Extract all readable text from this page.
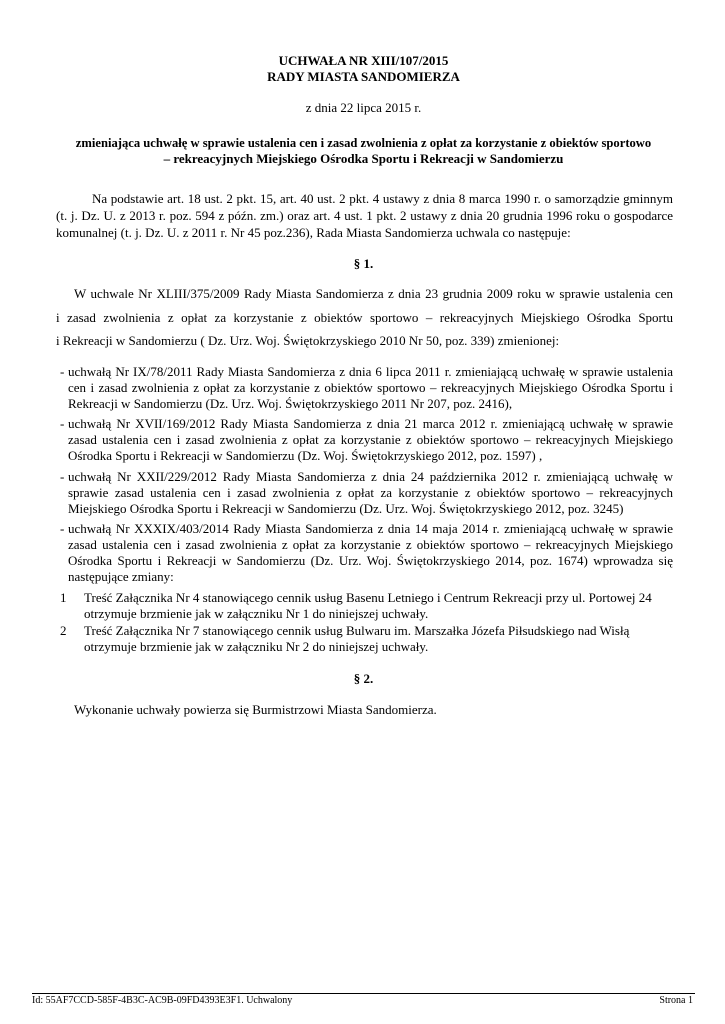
UCHWAŁA NR XIII/107/2015
RADY MIASTA SANDOMIERZA
z dnia 22 lipca 2015 r.
zmieniająca uchwałę w sprawie ustalenia cen i zasad zwolnienia z opłat za korzystanie z obiektów sportowo
– rekreacyjnych Miejskiego Ośrodka Sportu i Rekreacji w Sandomierzu
Na podstawie art. 18 ust. 2 pkt. 15, art. 40 ust. 2 pkt. 4 ustawy z dnia 8 marca 1990 r. o samorządzie gminnym (t. j. Dz. U. z 2013 r. poz. 594 z późn. zm.) oraz art. 4 ust. 1 pkt. 2 ustawy z dnia 20 grudnia 1996 roku o gospodarce komunalnej (t. j. Dz. U. z 2011 r. Nr 45 poz.236), Rada Miasta Sandomierza uchwala co następuje:
§ 1.
W uchwale Nr XLIII/375/2009 Rady Miasta Sandomierza z dnia 23 grudnia 2009 roku w sprawie ustalenia cen
i zasad zwolnienia z opłat za korzystanie z obiektów sportowo – rekreacyjnych Miejskiego Ośrodka Sportu
i Rekreacji w Sandomierzu ( Dz. Urz. Woj. Świętokrzyskiego 2010 Nr 50, poz. 339) zmienionej:
- uchwałą Nr IX/78/2011 Rady Miasta Sandomierza z dnia 6 lipca 2011 r. zmieniającą uchwałę w sprawie ustalenia cen i zasad zwolnienia z opłat za korzystanie z obiektów sportowo – rekreacyjnych Miejskiego Ośrodka Sportu i Rekreacji w Sandomierzu (Dz. Urz. Woj. Świętokrzyskiego 2011 Nr 207, poz. 2416),
- uchwałą Nr XVII/169/2012 Rady Miasta Sandomierza z dnia 21 marca 2012 r. zmieniającą uchwałę w sprawie zasad ustalenia cen i zasad zwolnienia z opłat za korzystanie z obiektów sportowo – rekreacyjnych Miejskiego Ośrodka Sportu i Rekreacji w Sandomierzu (Dz. Woj. Świętokrzyskiego 2012, poz. 1597) ,
- uchwałą Nr XXII/229/2012 Rady Miasta Sandomierza z dnia 24 października 2012 r. zmieniającą uchwałę w sprawie zasad ustalenia cen i zasad zwolnienia z opłat za korzystanie z obiektów sportowo – rekreacyjnych Miejskiego Ośrodka Sportu i Rekreacji w Sandomierzu (Dz. Urz. Woj. Świętokrzyskiego 2012, poz. 3245)
- uchwałą Nr XXXIX/403/2014 Rady Miasta Sandomierza z dnia 14 maja 2014 r. zmieniającą uchwałę w sprawie zasad ustalenia cen i zasad zwolnienia z opłat za korzystanie z obiektów sportowo – rekreacyjnych Miejskiego Ośrodka Sportu i Rekreacji w Sandomierzu (Dz. Urz. Woj. Świętokrzyskiego 2014, poz. 1674) wprowadza się następujące zmiany:
1 Treść Załącznika Nr 4 stanowiącego cennik usług Basenu Letniego i Centrum Rekreacji przy ul. Portowej 24 otrzymuje brzmienie jak w załączniku Nr 1 do niniejszej uchwały.
2 Treść Załącznika Nr 7 stanowiącego cennik usług Bulwaru im. Marszałka Józefa Piłsudskiego nad Wisłą otrzymuje brzmienie jak w załączniku Nr 2 do niniejszej uchwały.
§ 2.
Wykonanie uchwały powierza się Burmistrzowi Miasta Sandomierza.
Id: 55AF7CCD-585F-4B3C-AC9B-09FD4393E3F1. Uchwalony	Strona 1
